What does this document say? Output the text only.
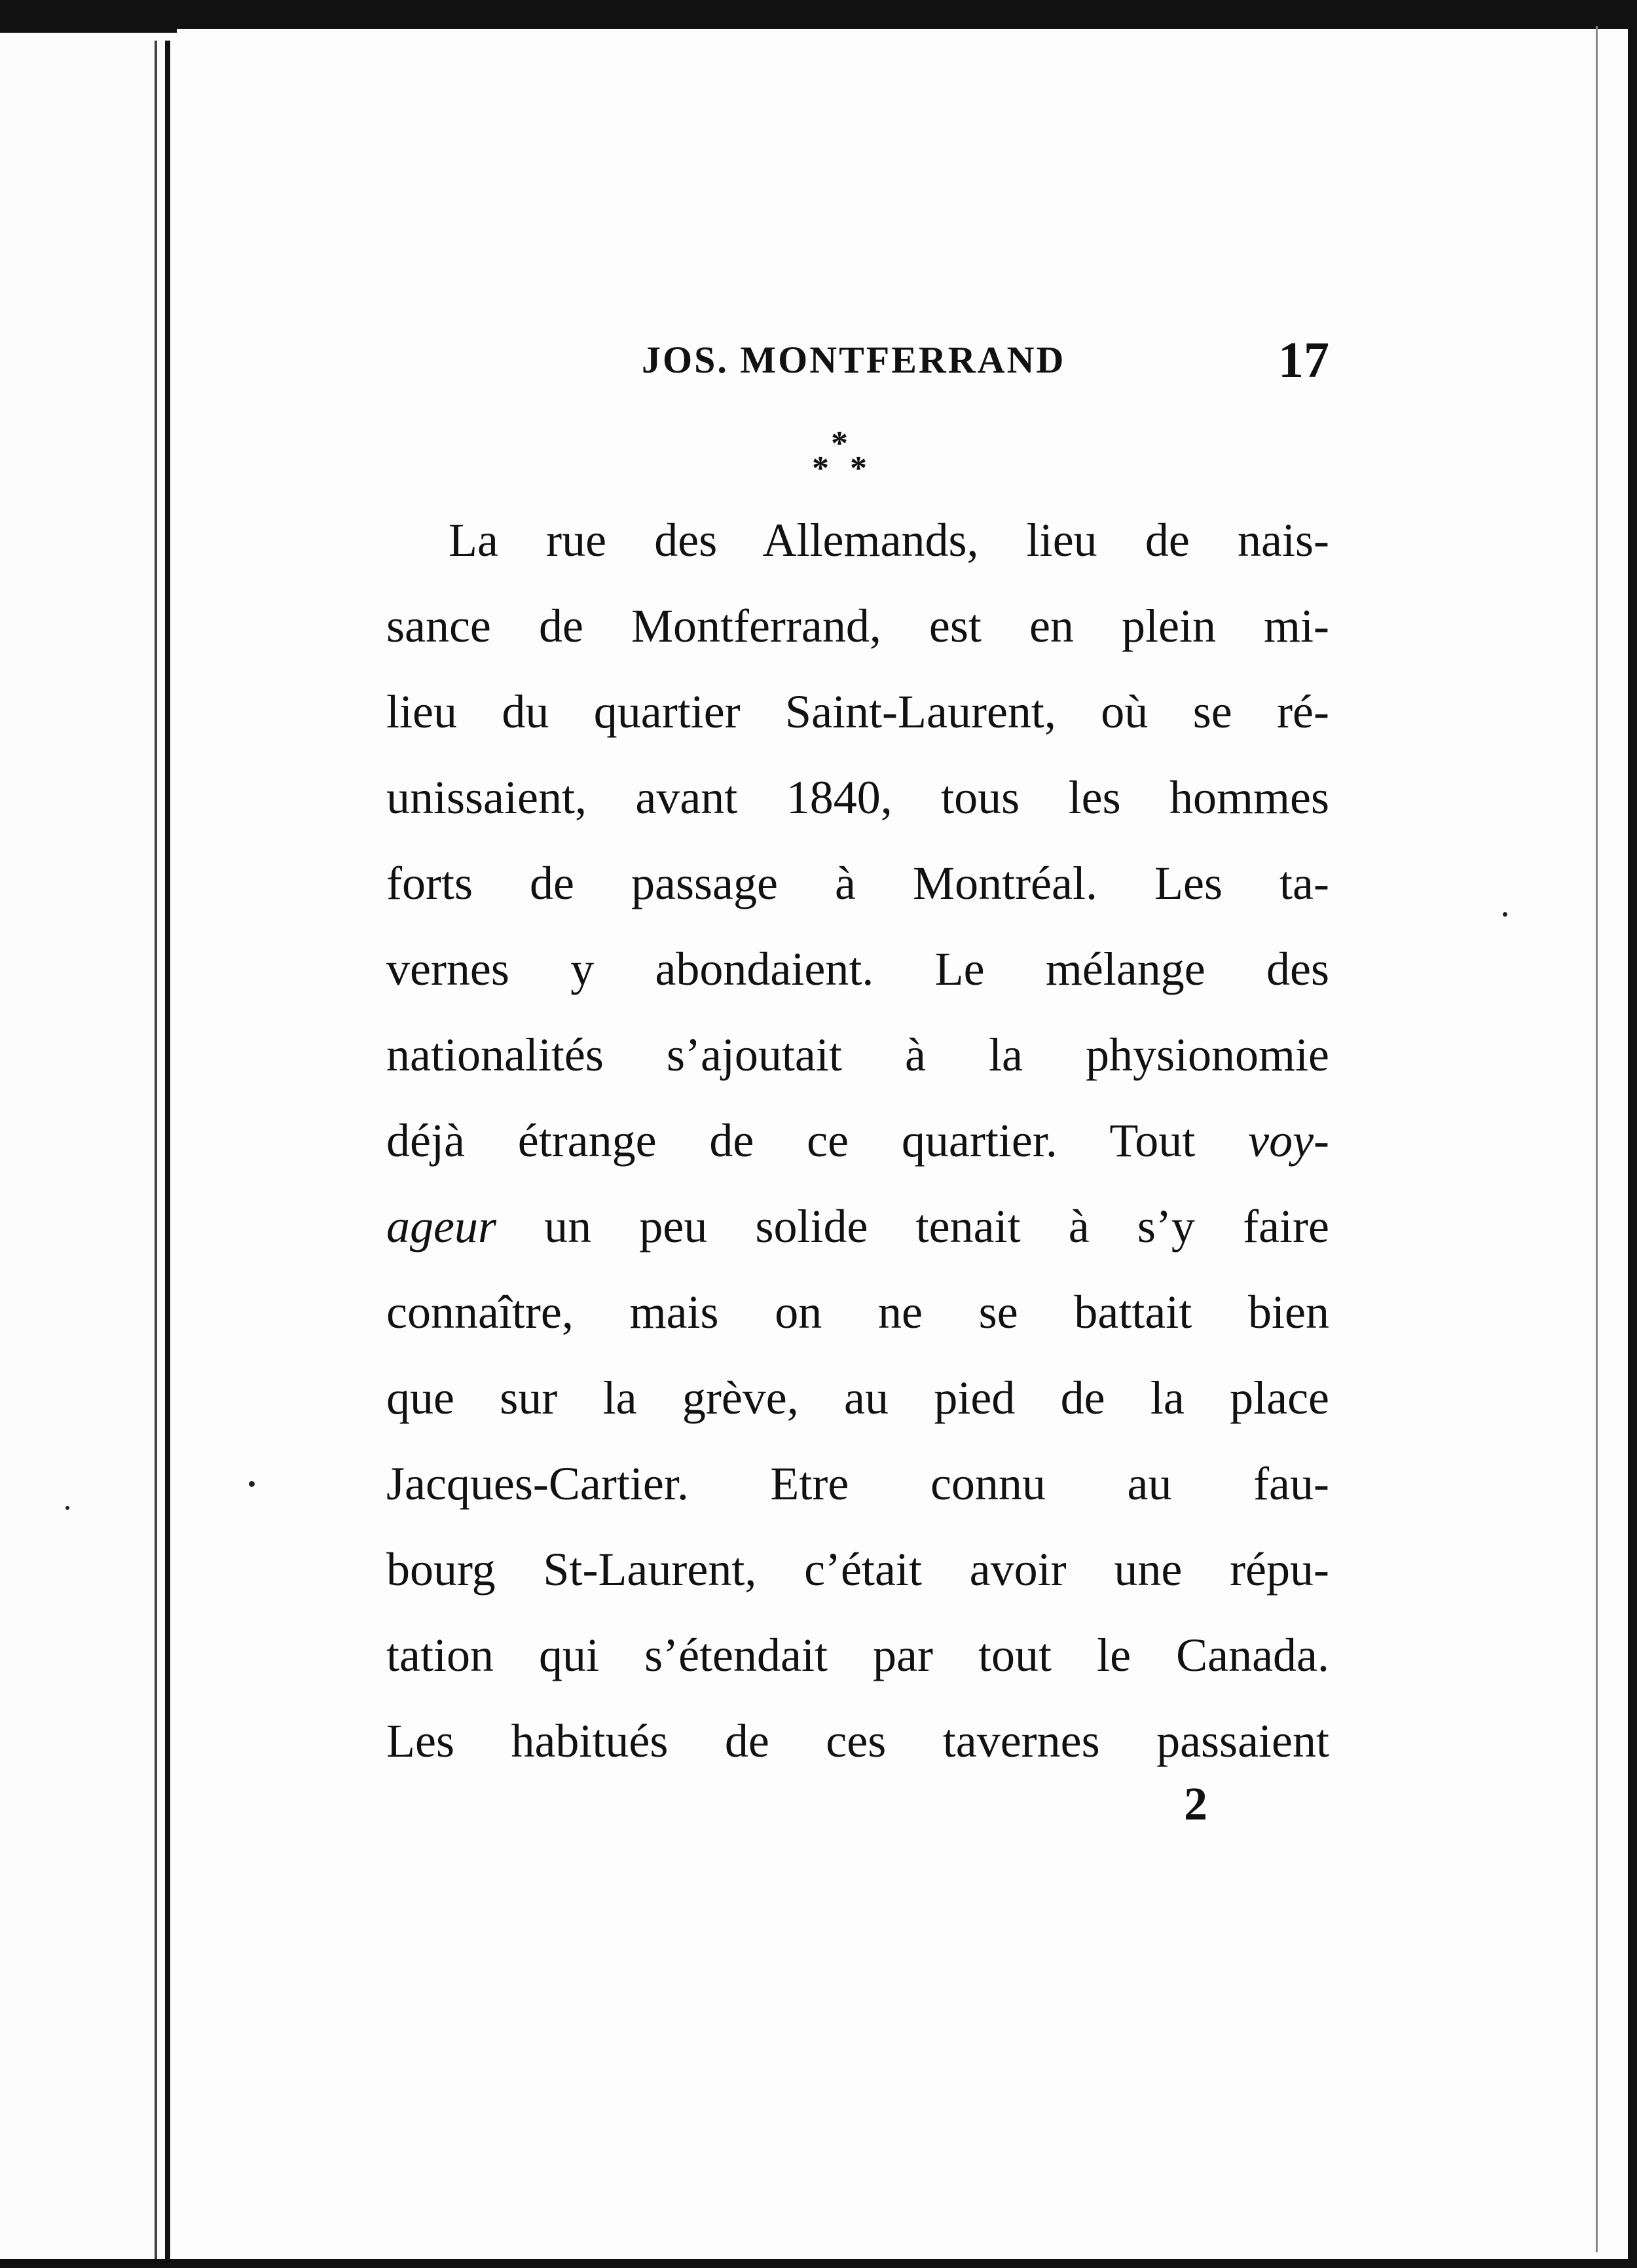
JOS. MONTFERRAND	17
*
* *
La rue des Allemands, lieu de nais-
sance de Montferrand, est en plein mi-
lieu du quartier Saint-Laurent, où se ré-
unissaient, avant 1840, tous les hommes
forts de passage à Montréal. Les ta-
vernes y abondaient. Le mélange des
nationalités s’ajoutait à la physionomie
déjà étrange de ce quartier. Tout voy-
ageur un peu solide tenait à s’y faire
connaître, mais on ne se battait bien
que sur la grève, au pied de la place
Jacques-Cartier. Etre connu au fau-
bourg St-Laurent, c’était avoir une répu-
tation qui s’étendait par tout le Canada.
Les habitués de ces tavernes passaient
2
